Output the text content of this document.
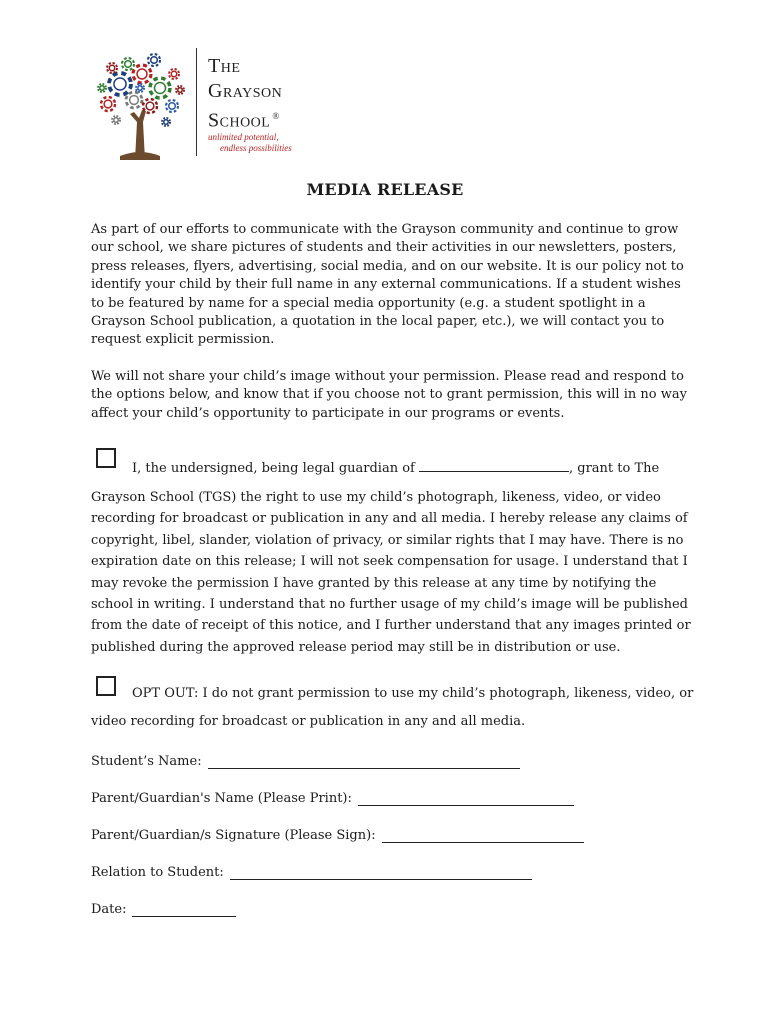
The
Grayson
School ®
unlimited potential,
endless possibilities
MEDIA RELEASE
As part of our efforts to communicate with the Grayson community and continue to grow our school, we share pictures of students and their activities in our newsletters, posters, press releases, flyers, advertising, social media, and on our website. It is our policy not to identify your child by their full name in any external communications. If a student wishes to be featured by name for a special media opportunity (e.g. a student spotlight in a Grayson School publication, a quotation in the local paper, etc.), we will contact you to request explicit permission.
We will not share your child’s image without your permission. Please read and respond to the options below, and know that if you choose not to grant permission, this will in no way affect your child’s opportunity to participate in our programs or events.
I, the undersigned, being legal guardian of	, grant to The
Grayson School (TGS) the right to use my child’s photograph, likeness, video, or video recording for broadcast or publication in any and all media. I hereby release any claims of copyright, libel, slander, violation of privacy, or similar rights that I may have. There is no expiration date on this release; I will not seek compensation for usage. I understand that I may revoke the permission I have granted by this release at any time by notifying the school in writing. I understand that no further usage of my child’s image will be published from the date of receipt of this notice, and I further understand that any images printed or published during the approved release period may still be in distribution or use.
OPT OUT: I do not grant permission to use my child’s photograph, likeness, video, or
video recording for broadcast or publication in any and all media.
Student’s Name:
Parent/Guardian's Name (Please Print):
Parent/Guardian/s Signature (Please Sign):
Relation to Student:
Date:
